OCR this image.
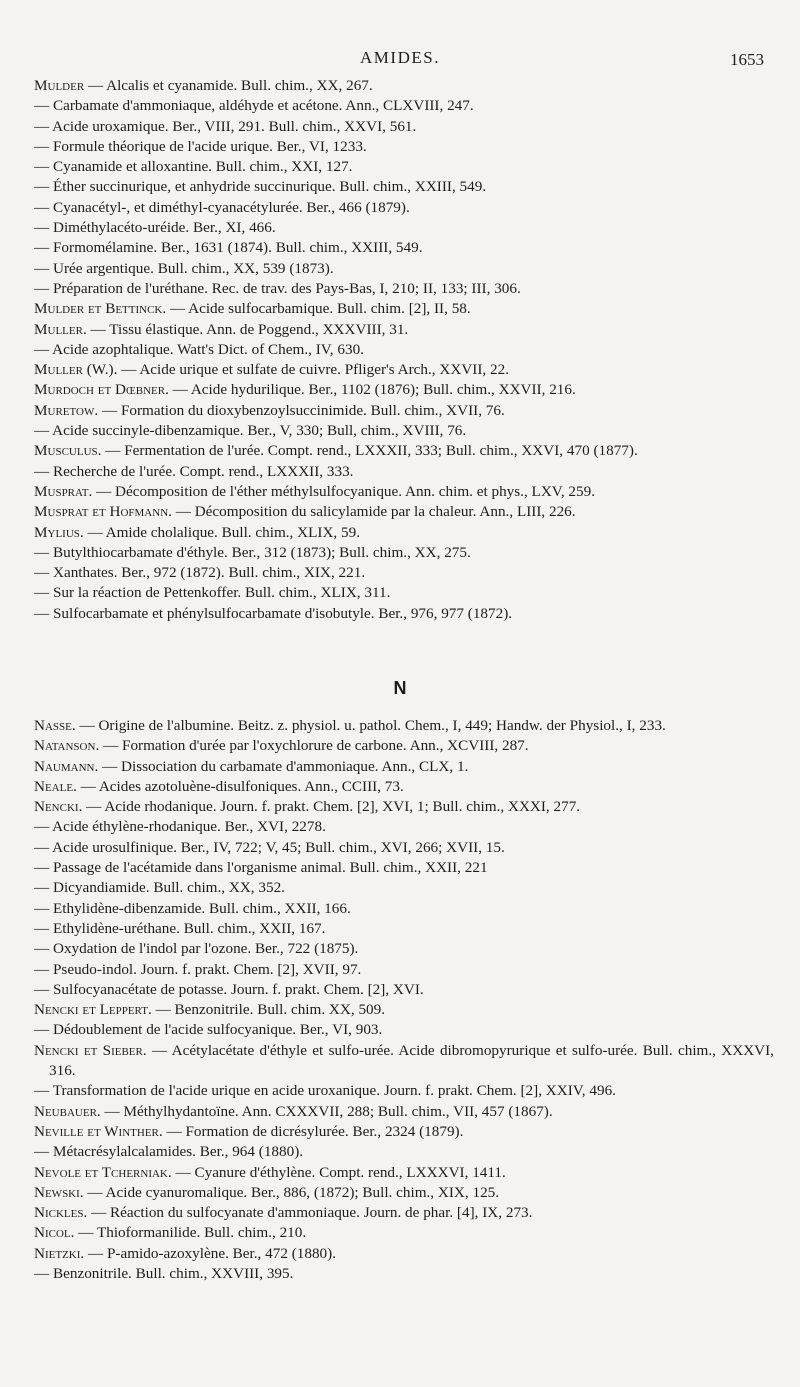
AMIDES.	1653
Mulder — Alcalis et cyanamide. Bull. chim., XX, 267.
— Carbamate d'ammoniaque, aldéhyde et acétone. Ann., CLXVIII, 247.
— Acide uroxamique. Ber., VIII, 291. Bull. chim., XXVI, 561.
— Formule théorique de l'acide urique. Ber., VI, 1233.
— Cyanamide et alloxantine. Bull. chim., XXI, 127.
— Éther succinurique, et anhydride succinurique. Bull. chim., XXIII, 549.
— Cyanacétyl-, et diméthyl-cyanacétylurée. Ber., 466 (1879).
— Diméthylacéto-uréide. Ber., XI, 466.
— Formomélamine. Ber., 1631 (1874). Bull. chim., XXIII, 549.
— Urée argentique. Bull. chim., XX, 539 (1873).
— Préparation de l'uréthane. Rec. de trav. des Pays-Bas, I, 210; II, 133; III, 306.
Mulder et Bettinck. — Acide sulfocarbamique. Bull. chim. [2], II, 58.
Muller. — Tissu élastique. Ann. de Poggend., XXXVIII, 31.
— Acide azophtalique. Watt's Dict. of Chem., IV, 630.
Muller (W.). — Acide urique et sulfate de cuivre. Pfliger's Arch., XXVII, 22.
Murdoch et Dœbner. — Acide hydurilique. Ber., 1102 (1876); Bull. chim., XXVII, 216.
Muretow. — Formation du dioxybenzoylsuccinimide. Bull. chim., XVII, 76.
— Acide succinyle-dibenzamique. Ber., V, 330; Bull, chim., XVIII, 76.
Musculus. — Fermentation de l'urée. Compt. rend., LXXXII, 333; Bull. chim., XXVI, 470 (1877).
— Recherche de l'urée. Compt. rend., LXXXII, 333.
Musprat. — Décomposition de l'éther méthylsulfocyanique. Ann. chim. et phys., LXV, 259.
Musprat et Hofmann. — Décomposition du salicylamide par la chaleur. Ann., LIII, 226.
Mylius. — Amide cholalique. Bull. chim., XLIX, 59.
— Butylthiocarbamate d'éthyle. Ber., 312 (1873); Bull. chim., XX, 275.
— Xanthates. Ber., 972 (1872). Bull. chim., XIX, 221.
— Sur la réaction de Pettenkoffer. Bull. chim., XLIX, 311.
— Sulfocarbamate et phénylsulfocarbamate d'isobutyle. Ber., 976, 977 (1872).
N
Nasse. — Origine de l'albumine. Beitz. z. physiol. u. pathol. Chem., I, 449; Handw. der Physiol., I, 233.
Natanson. — Formation d'urée par l'oxychlorure de carbone. Ann., XCVIII, 287.
Naumann. — Dissociation du carbamate d'ammoniaque. Ann., CLX, 1.
Neale. — Acides azotoluène-disulfoniques. Ann., CCIII, 73.
Nencki. — Acide rhodanique. Journ. f. prakt. Chem. [2], XVI, 1; Bull. chim., XXXI, 277.
— Acide éthylène-rhodanique. Ber., XVI, 2278.
— Acide urosulfinique. Ber., IV, 722; V, 45; Bull. chim., XVI, 266; XVII, 15.
— Passage de l'acétamide dans l'organisme animal. Bull. chim., XXII, 221
— Dicyandiamide. Bull. chim., XX, 352.
— Ethylidène-dibenzamide. Bull. chim., XXII, 166.
— Ethylidène-uréthane. Bull. chim., XXII, 167.
— Oxydation de l'indol par l'ozone. Ber., 722 (1875).
— Pseudo-indol. Journ. f. prakt. Chem. [2], XVII, 97.
— Sulfocyanacétate de potasse. Journ. f. prakt. Chem. [2], XVI.
Nencki et Leppert. — Benzonitrile. Bull. chim. XX, 509.
— Dédoublement de l'acide sulfocyanique. Ber., VI, 903.
Nencki et Sieber. — Acétylacétate d'éthyle et sulfo-urée. Acide dibromopyrurique et sulfo-urée. Bull. chim., XXXVI, 316.
— Transformation de l'acide urique en acide uroxanique. Journ. f. prakt. Chem. [2], XXIV, 496.
Neubauer. — Méthylhydantoïne. Ann. CXXXVII, 288; Bull. chim., VII, 457 (1867).
Neville et Winther. — Formation de dicrésylurée. Ber., 2324 (1879).
— Métacrésylalcalamides. Ber., 964 (1880).
Nevole et Tcherniak. — Cyanure d'éthylène. Compt. rend., LXXXVI, 1411.
Newski. — Acide cyanuromalique. Ber., 886, (1872); Bull. chim., XIX, 125.
Nickles. — Réaction du sulfocyanate d'ammoniaque. Journ. de phar. [4], IX, 273.
Nicol. — Thioformanilide. Bull. chim., 210.
Nietzki. — P-amido-azoxylène. Ber., 472 (1880).
— Benzonitrile. Bull. chim., XXVIII, 395.
